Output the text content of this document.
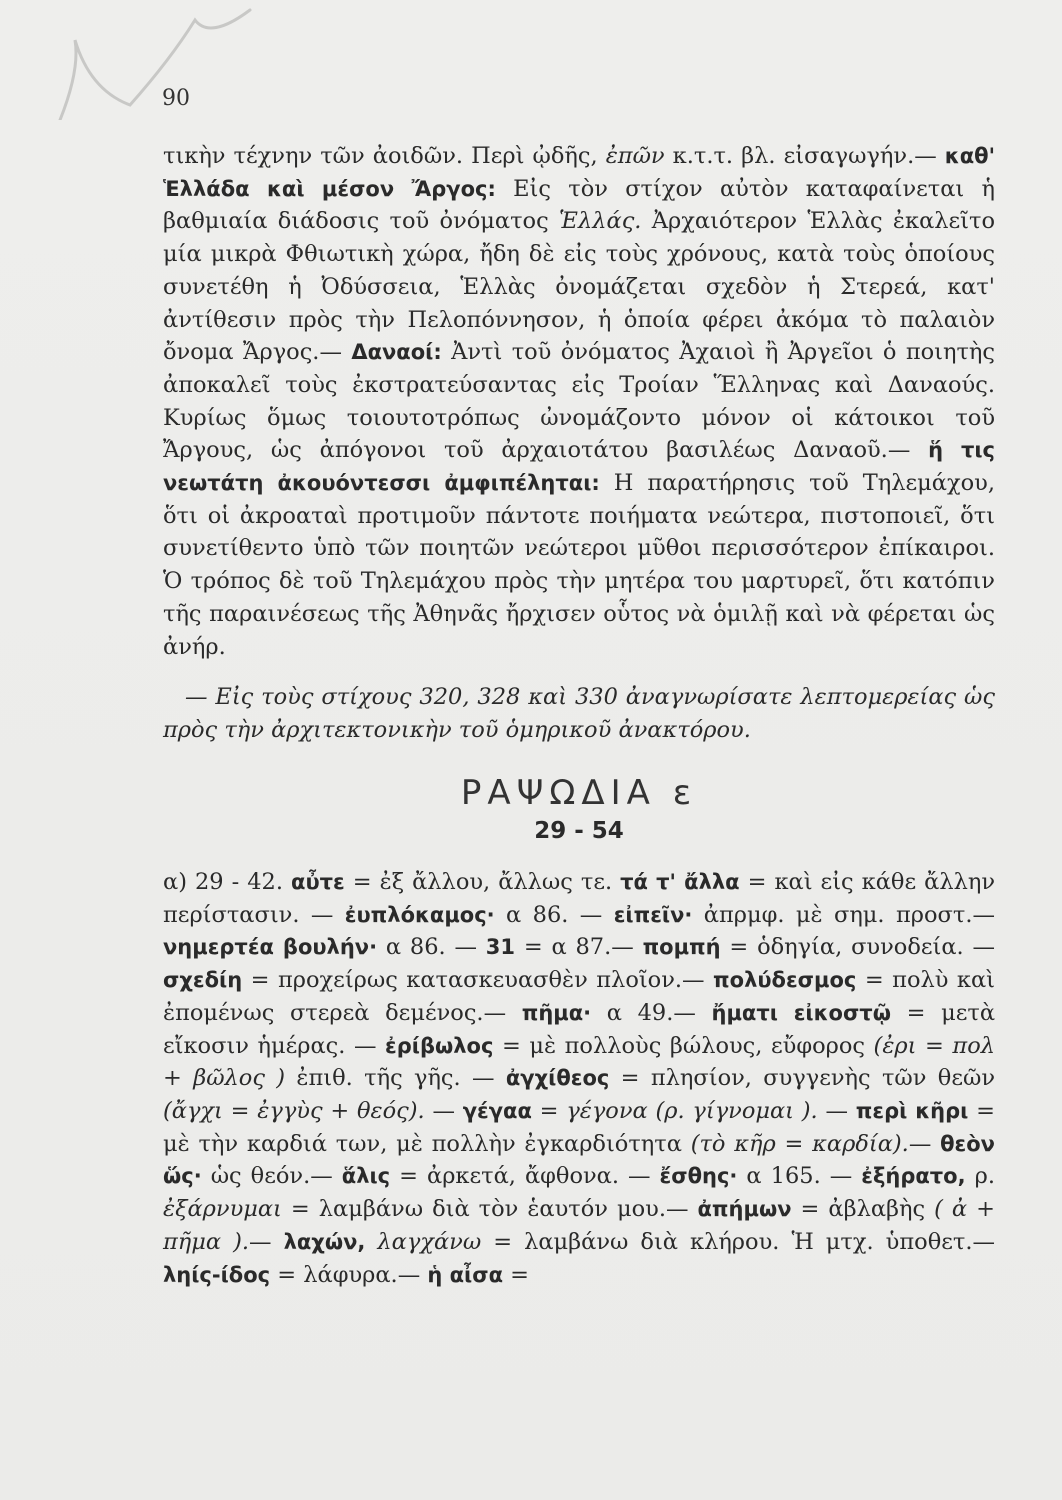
90

τικὴν τέχνην τῶν ἀοιδῶν. Περὶ ᾠδῆς, ἐπῶν κ.τ.τ. βλ. εἰσαγωγήν.— καθ' Ἑλλάδα καὶ μέσον Ἄργος: Εἰς τὸν στίχον αὐτὸν καταφαίνεται ἡ βαθμιαία διάδοσις τοῦ ὀνόματος Ἑλλάς. Ἀρχαιότερον Ἑλλὰς ἐκαλεῖτο μία μικρὰ Φθιωτικὴ χώρα, ἤδη δὲ εἰς τοὺς χρόνους, κατὰ τοὺς ὁποίους συνετέθη ἡ Ὀδύσσεια, Ἑλλὰς ὀνομάζεται σχεδὸν ἡ Στερεά, κατ' ἀντίθεσιν πρὸς τὴν Πελοπόννησον, ἡ ὁποία φέρει ἀκόμα τὸ παλαιὸν ὄνομα Ἄργος.— Δαναοί: Ἀντὶ τοῦ ὀνόματος Ἀχαιοὶ ἢ Ἀργεῖοι ὁ ποιητὴς ἀποκαλεῖ τοὺς ἐκστρατεύσαντας εἰς Τροίαν Ἕλληνας καὶ Δαναούς. Κυρίως ὅμως τοιουτοτρόπως ὠνομάζοντο μόνον οἱ κάτοικοι τοῦ Ἄργους, ὡς ἀπόγονοι τοῦ ἀρχαιοτάτου βασιλέως Δαναοῦ.— ἥ τις νεωτάτη ἀκουόντεσσι ἀμφιπέληται: Η παρατήρησις τοῦ Τηλεμάχου, ὅτι οἱ ἀκροαταὶ προτιμοῦν πάντοτε ποιήματα νεώτερα, πιστοποιεῖ, ὅτι συνετίθεντο ὑπὸ τῶν ποιητῶν νεώτεροι μῦθοι περισσότερον ἐπίκαιροι. Ὁ τρόπος δὲ τοῦ Τηλεμάχου πρὸς τὴν μητέρα του μαρτυρεῖ, ὅτι κατόπιν τῆς παραινέσεως τῆς Ἀθηνᾶς ἤρχισεν οὗτος νὰ ὁμιλῇ καὶ νὰ φέρεται ὡς ἀνήρ.

— Εἰς τοὺς στίχους 320, 328 καὶ 330 ἀναγνωρίσατε λεπτομερείας ὡς πρὸς τὴν ἀρχιτεκτονικὴν τοῦ ὁμηρικοῦ ἀνακτόρου.

ΡΑΨΩΔΙΑ ε

29 - 54

α) 29 - 42. αὖτε = ἐξ ἄλλου, ἄλλως τε. τά τ' ἄλλα = καὶ εἰς κάθε ἄλλην περίστασιν. — ἐυπλόκαμος· α 86. — εἰπεῖν· ἀπρμφ. μὲ σημ. προστ.— νημερτέα βουλήν· α 86. — 31 = α 87.— πομπή = ὁδηγία, συνοδεία. — σχεδίη = προχείρως κατασκευασθὲν πλοῖον.— πολύδεσμος = πολὺ καὶ ἐπομένως στερεὰ δεμένος.— πῆμα· α 49.— ἤματι εἰκοστῷ = μετὰ εἴκοσιν ἡμέρας. — ἐρίβωλος = μὲ πολλοὺς βώλους, εὔφορος (ἐρι = πολ + βῶλος ) ἐπιθ. τῆς γῆς. — ἀγχίθεος = πλησίον, συγγενὴς τῶν θεῶν (ἄγχι = ἐγγὺς + θεός). — γέγαα = γέγονα (ρ. γίγνομαι ). — περὶ κῆρι = μὲ τὴν καρδιά των, μὲ πολλὴν ἐγκαρδιότητα (τὸ κῆρ = καρδία).— θεὸν ὥς· ὡς θεόν.— ἅλις = ἀρκετά, ἄφθονα. — ἔσθης· α 165. — ἐξήρατο, ρ. ἐξάρνυμαι = λαμβάνω διὰ τὸν ἑαυτόν μου.— ἀπήμων = ἀβλαβὴς ( ἀ + πῆμα ).— λαχών, λαγχάνω = λαμβάνω διὰ κλήρου. Ἡ μτχ. ὑποθετ.— ληίς-ίδος = λάφυρα.— ἡ αἶσα =
